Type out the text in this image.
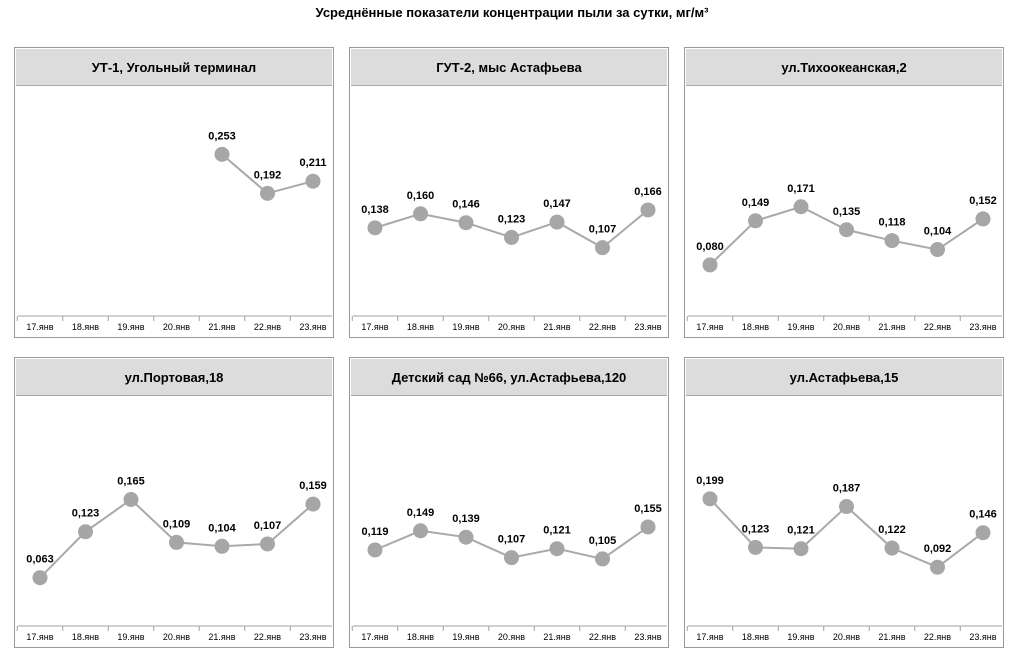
Усреднённые показатели концентрации пыли за сутки, мг/м³
УТ-1, Угольный терминал
17.янв 18.янв 19.янв 20.янв 21.янв 22.янв 23.янв
0,253
0,192
0,211
ГУТ-2, мыс Астафьева
17.янв 18.янв 19.янв 20.янв 21.янв 22.янв 23.янв
0,138
0,160
0,146
0,123
0,147
0,107
0,166
ул.Тихоокеанская,2
17.янв 18.янв 19.янв 20.янв 21.янв 22.янв 23.янв
0,080
0,149
0,171
0,135
0,118
0,104
0,152
ул.Портовая,18
17.янв 18.янв 19.янв 20.янв 21.янв 22.янв 23.янв
0,063
0,123
0,165
0,109 0,104 0,107
0,159
Детский сад №66, ул.Астафьева,120
17.янв 18.янв 19.янв 20.янв 21.янв 22.янв 23.янв
0,119
0,149
0,139
0,107
0,121
0,105
0,155
ул.Астафьева,15
17.янв 18.янв 19.янв 20.янв 21.янв 22.янв 23.янв
0,199
0,123 0,121
0,187
0,122
0,092
0,146
